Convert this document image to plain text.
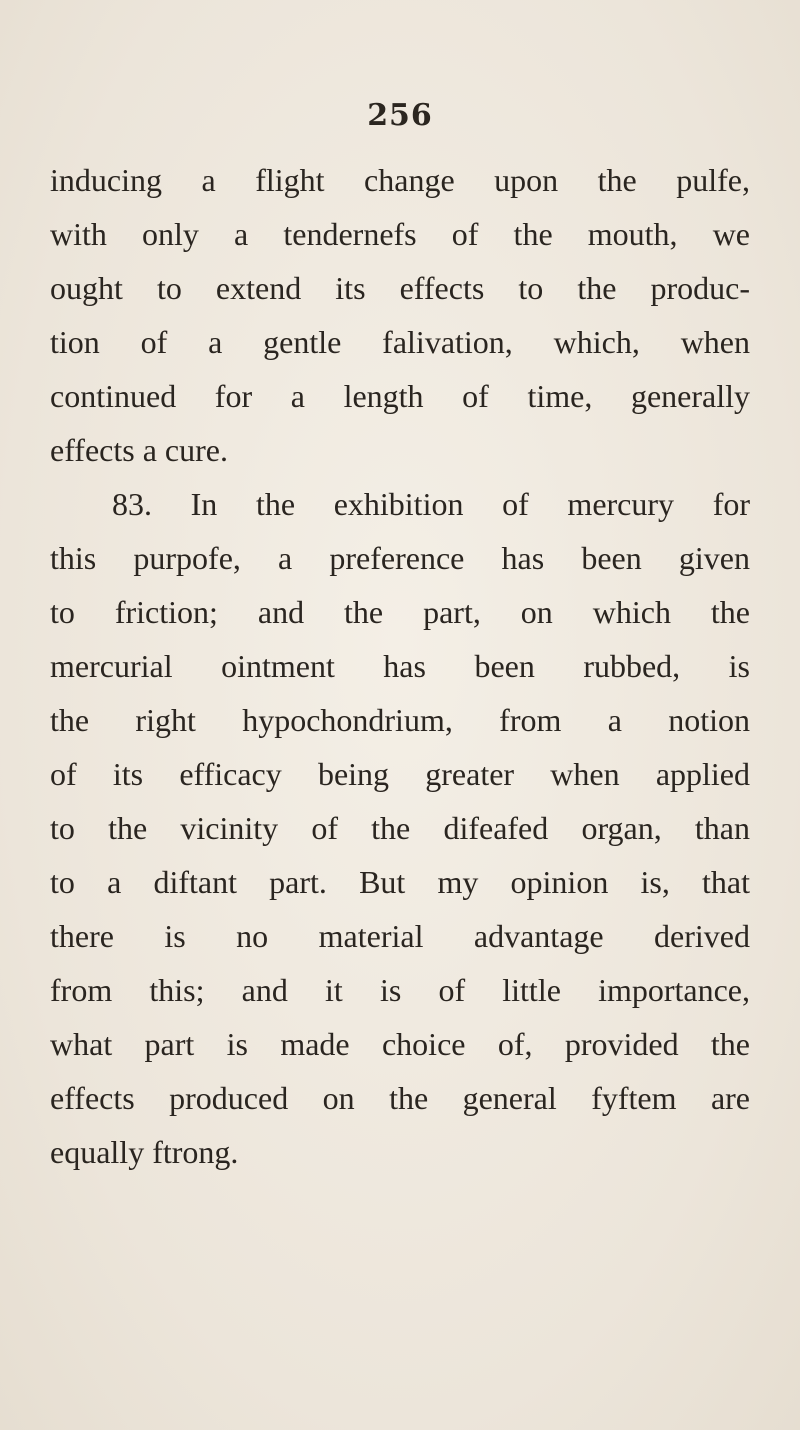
256
inducing a flight change upon the pulfe,
with only a tendernefs of the mouth, we
ought to extend its effects to the produc-
tion of a gentle falivation, which, when
continued for a length of time, generally
effects a cure.
83. In the exhibition of mercury for
this purpofe, a preference has been given
to friction; and the part, on which the
mercurial ointment has been rubbed, is
the right hypochondrium, from a notion
of its efficacy being greater when applied
to the vicinity of the difeafed organ, than
to a diftant part. But my opinion is, that
there is no material advantage derived
from this; and it is of little importance,
what part is made choice of, provided the
effects produced on the general fyftem are
equally ftrong.
